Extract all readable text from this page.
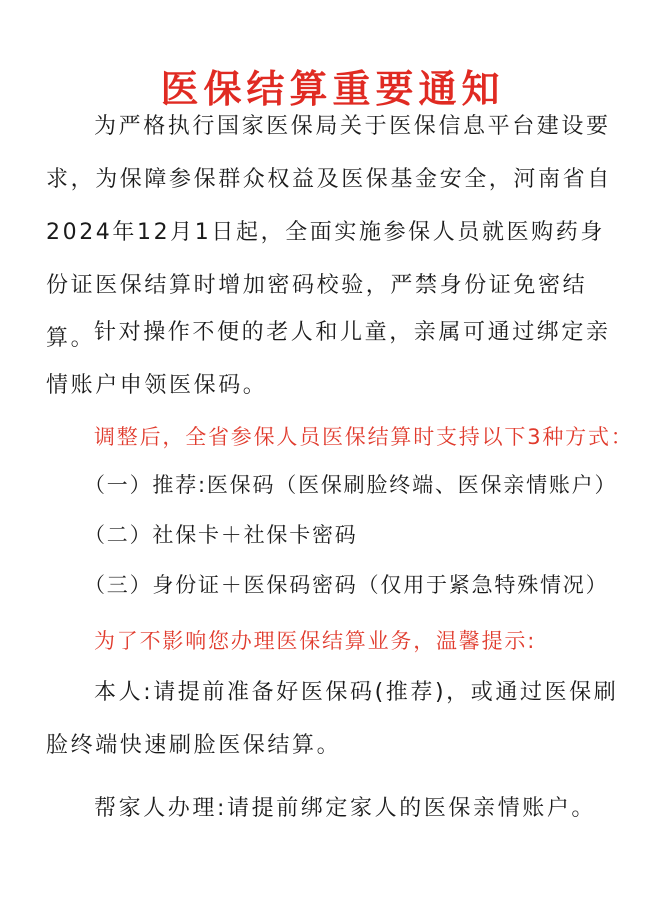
医保结算重要通知

为严格执行国家医保局关于医保信息平台建设要求，为保障参保群众权益及医保基金安全，河南省自2024年12月1日起，全面实施参保人员就医购药身份证医保结算时增加密码校验，严禁身份证免密结算。

针对操作不便的老人和儿童，亲属可通过绑定亲情账户申领医保码。

调整后，全省参保人员医保结算时支持以下3种方式：
（一）推荐:医保码（医保刷脸终端、医保亲情账户）
（二）社保卡＋社保卡密码
（三）身份证＋医保码密码（仅用于紧急特殊情况）
为了不影响您办理医保结算业务，温馨提示:

本人:请提前准备好医保码(推荐)，或通过医保刷脸终端快速刷脸医保结算。

帮家人办理:请提前绑定家人的医保亲情账户。
